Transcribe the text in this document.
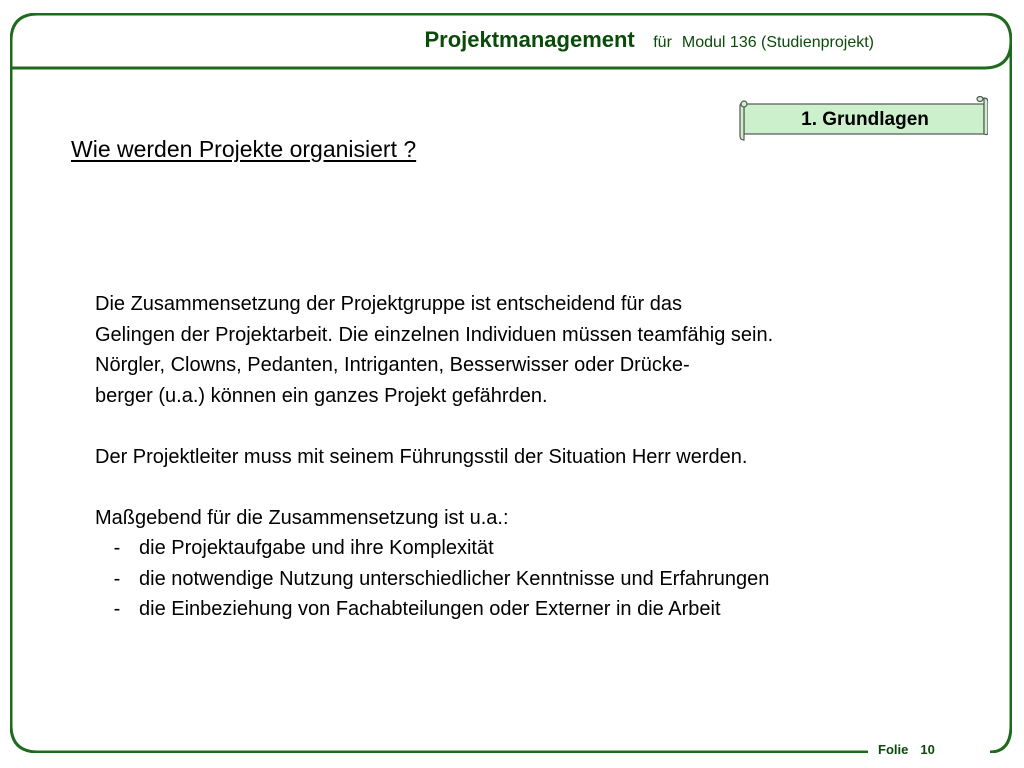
Projektmanagement für Modul 136 (Studienprojekt)
1. Grundlagen
Wie werden Projekte organisiert ?
Die Zusammensetzung der Projektgruppe ist entscheidend für das
Gelingen der Projektarbeit. Die einzelnen Individuen müssen teamfähig sein.
Nörgler, Clowns, Pedanten, Intriganten, Besserwisser oder Drücke-
berger (u.a.) können ein ganzes Projekt gefährden.
Der Projektleiter muss mit seinem Führungsstil der Situation Herr werden.
Maßgebend für die Zusammensetzung ist u.a.:
- die Projektaufgabe und ihre Komplexität
- die notwendige Nutzung unterschiedlicher Kenntnisse und Erfahrungen
- die Einbeziehung von Fachabteilungen oder Externer in die Arbeit
Folie 10
